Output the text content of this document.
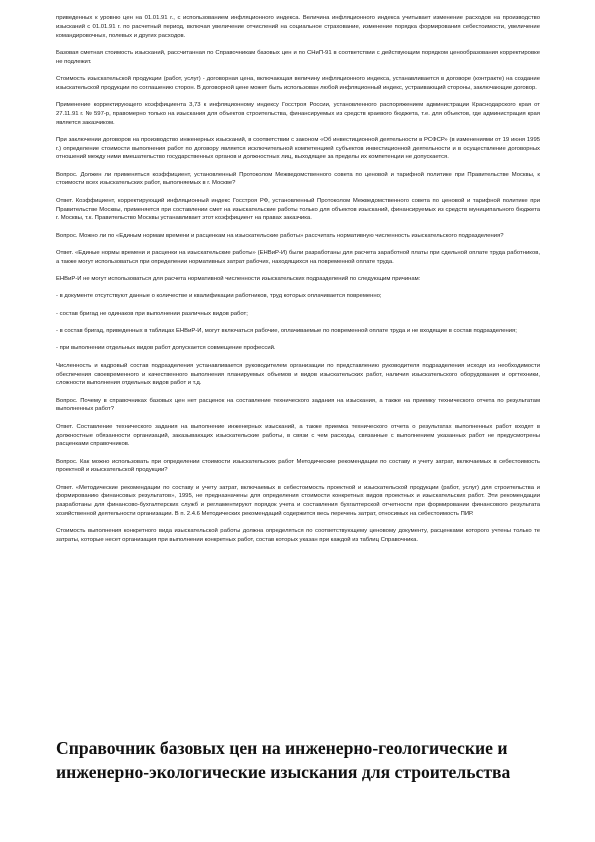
приведенных к уровню цен на 01.01.91 г., с использованием инфляционного индекса. Величина инфляционного индекса учитывает изменение расходов на производство изысканий с 01.01.91 г. по расчетный период, включая увеличение отчислений на социальное страхование, изменение порядка формирования себестоимости, увеличение командировочных, полевых и других расходов.

Базовая сметная стоимость изысканий, рассчитанная по Справочникам базовых цен и по СНиП-91 в соответствии с действующим порядком ценообразования корректировке не подлежит.

Стоимость изыскательской продукции (работ, услуг) - договорная цена, включающая величину инфляционного индекса, устанавливается в договоре (контракте) на создание изыскательской продукции по соглашению сторон. В договорной цене может быть использован любой инфляционный индекс, устраивающий стороны, заключающие договор.

Применение корректирующего коэффициента 3,73 к инфляционному индексу Госстроя России, установленного распоряжением администрации Краснодарского края от 27.11.91 г. № 597-р, правомерно только на изыскания для объектов строительства, финансируемых из средств краевого бюджета, т.е. для объектов, где администрация края является заказчиком.

При заключении договоров на производство инженерных изысканий, в соответствии с законом «Об инвестиционной деятельности в РСФСР» (в изменениями от 19 июня 1995 г.) определение стоимости выполнения работ по договору является исключительной компетенцией субъектов инвестиционной деятельности и в осуществление договорных отношений между ними вмешательство государственных органов и должностных лиц, выходящее за пределы их компетенции не допускается.

Вопрос. Должен ли применяться коэффициент, установленный Протоколом Межведомственного совета по ценовой и тарифной политике при Правительстве Москвы, к стоимости всех изыскательских работ, выполняемых в г. Москве?

Ответ. Коэффициент, корректирующий инфляционный индекс Госстроя РФ, установленный Протоколом Межведомственного совета по ценовой и тарифной политике при Правительстве Москвы, применяется при составлении смет на изыскательские работы только для объектов изысканий, финансируемых из средств муниципального бюджета г. Москвы, т.к. Правительство Москвы устанавливает этот коэффициент на правах заказчика.

Вопрос. Можно ли по «Единым нормам времени и расценкам на изыскательские работы» рассчитать нормативную численность изыскательского подразделения?

Ответ. «Единые нормы времени и расценки на изыскательские работы» (ЕНВиР-И) были разработаны для расчета заработной платы при сдельной оплате труда работников, а также могут использоваться при определении нормативных затрат рабочих, находящихся на повременной оплате труда.

ЕНВиР-И не могут использоваться для расчета нормативной численности изыскательских подразделений по следующим причинам:

- в документе отсутствуют данные о количестве и квалификации работников, труд которых оплачивается повременно;

- состав бригад не одинаков при выполнении различных видов работ;

- в состав бригад, приведенных в таблицах ЕНВиР-И, могут включаться рабочие, оплачиваемые по повременной оплате труда и не входящие в состав подразделения;

- при выполнении отдельных видов работ допускается совмещение профессий.

Численность и кадровый состав подразделения устанавливается руководителем организации по представлению руководителя подразделения исходя из необходимости обеспечения своевременного и качественного выполнения планируемых объемов и видов изыскательских работ, наличия изыскательского оборудования и оргтехники, сложности выполнения отдельных видов работ и т.д.

Вопрос. Почему в справочниках базовых цен нет расценок на составление технического задания на изыскания, а также на приемку технического отчета по результатам выполненных работ?

Ответ. Составление технического задания на выполнение инженерных изысканий, а также приемка технического отчета о результатах выполненных работ входят в должностные обязанности организаций, заказывающих изыскательские работы, в связи с чем расходы, связанные с выполнением указанных работ не предусмотрены расценками справочников.

Вопрос. Как можно использовать при определении стоимости изыскательских работ Методические рекомендации по составу и учету затрат, включаемых в себестоимость проектной и изыскательской продукции?

Ответ. «Методические рекомендации по составу и учету затрат, включаемых в себестоимость проектной и изыскательской продукции (работ, услуг) для строительства и формированию финансовых результатов», 1995, не предназначены для определения стоимости конкретных видов проектных и изыскательских работ. Эти рекомендации разработаны для финансово-бухгалтерских служб и регламентируют порядок учета и составления бухгалтерской отчетности при формировании финансового результата хозяйственной деятельности организации. В п. 2.4.6 Методических рекомендаций содержится весь перечень затрат, относимых на себестоимость ПИР.

Стоимость выполнения конкретного вида изыскательской работы должна определяться по соответствующему ценовому документу, расценками которого учтены только те затраты, которые несет организация при выполнении конкретных работ, состав которых указан при каждой из таблиц Справочника.

Справочник базовых цен на инженерно-геологические и инженерно-экологические изыскания для строительства
